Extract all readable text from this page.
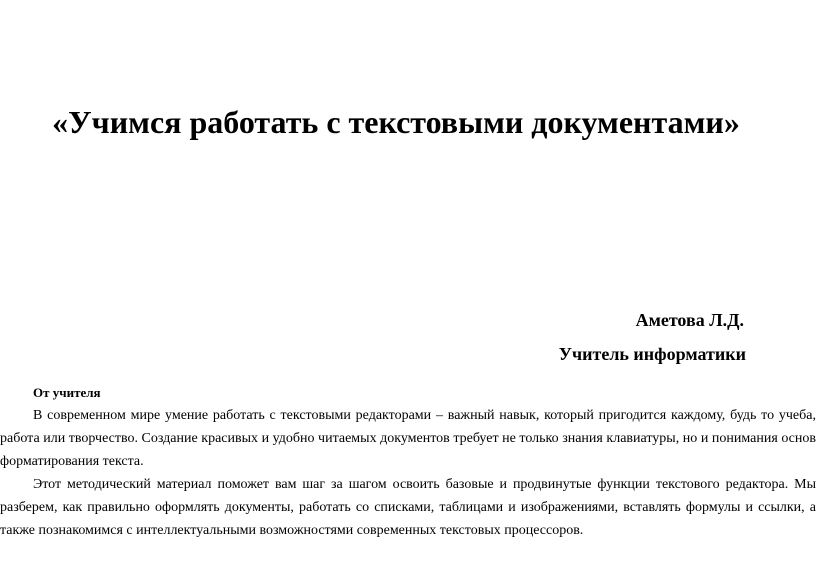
«Учимся работать с текстовыми документами»
Аметова Л.Д.
Учитель информатики

От учителя

В современном мире умение работать с текстовыми редакторами – важный навык, который пригодится каждому, будь то учеба, работа или творчество. Создание красивых и удобно читаемых документов требует не только знания клавиатуры, но и понимания основ форматирования текста.

Этот методический материал поможет вам шаг за шагом освоить базовые и продвинутые функции текстового редактора. Мы разберем, как правильно оформлять документы, работать со списками, таблицами и изображениями, вставлять формулы и ссылки, а также познакомимся с интеллектуальными возможностями современных текстовых процессоров.
